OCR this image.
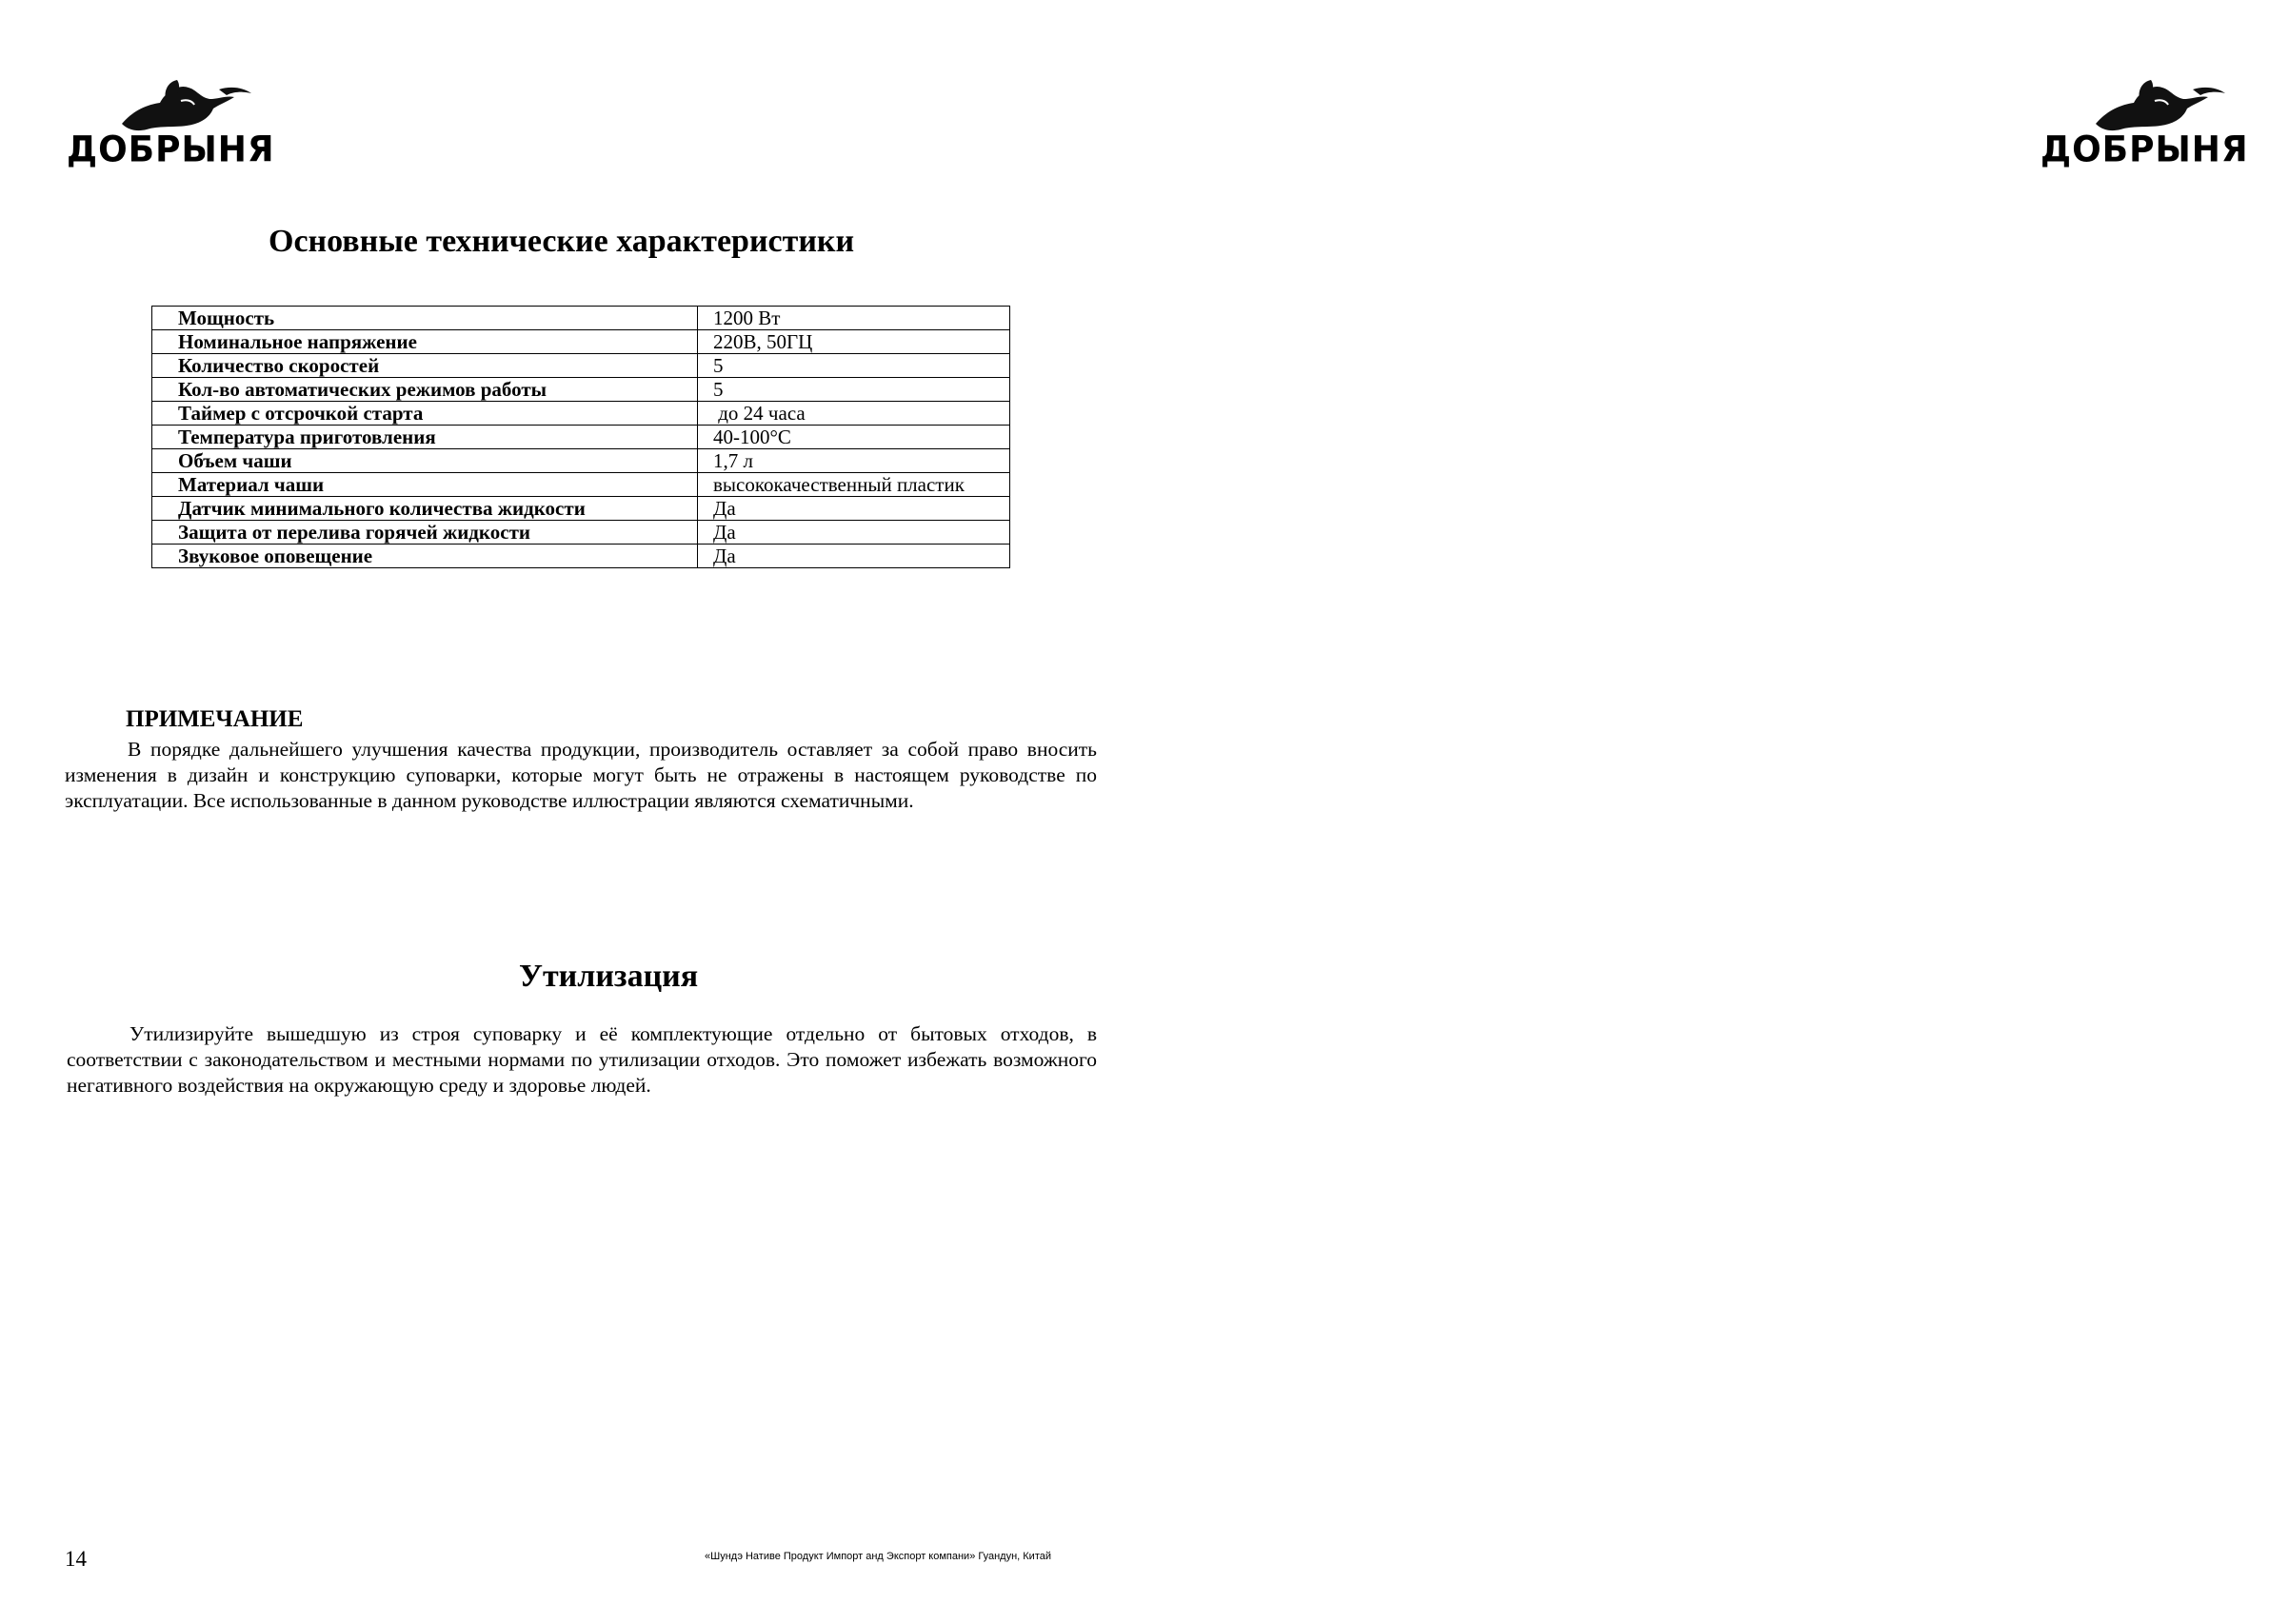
ДОБРЫНЯ	ДОБРЫНЯ
Основные технические характеристики
Мощность	1200 Вт
Номинальное напряжение	220В, 50ГЦ
Количество скоростей	5
Кол-во автоматических режимов работы	5
Таймер с отсрочкой старта	до 24 часа
Температура приготовления	40-100°С
Объем чаши	1,7 л
Материал чаши	высококачественный пластик
Датчик минимального количества жидкости	Да
Защита от перелива горячей жидкости	Да
Звуковое оповещение	Да
ПРИМЕЧАНИЕ

В порядке дальнейшего улучшения качества продукции, производитель оставляет за собой право вносить изменения в дизайн и конструкцию суповарки, которые могут быть не отражены в настоящем руководстве по эксплуатации. Все использованные в данном руководстве иллюстрации являются схематичными.

Утилизация

Утилизируйте вышедшую из строя суповарку и её комплектующие отдельно от бытовых отходов, в соответствии с законодательством и местными нормами по утилизации отходов. Это поможет избежать возможного негативного воздействия на окружающую среду и здоровье людей.

14	«Шундэ Нативе Продукт Импорт анд Экспорт компани» Гуандун, Китай
